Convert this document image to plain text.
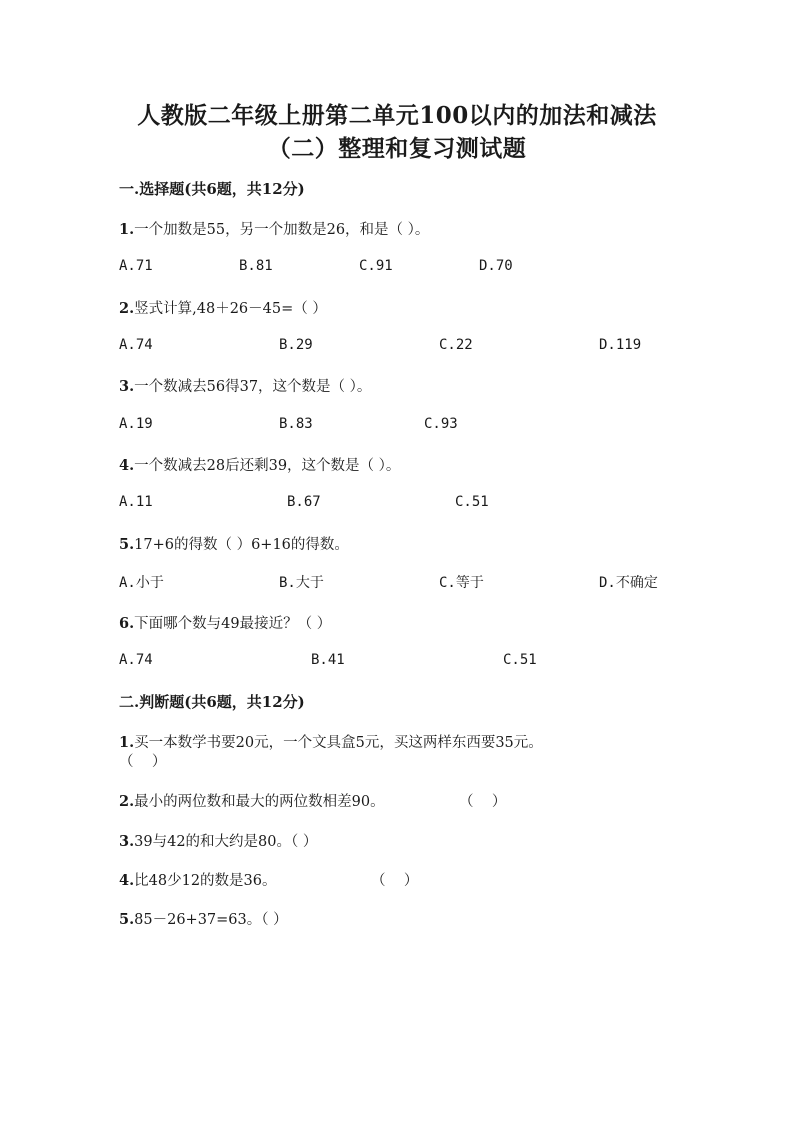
人教版二年级上册第二单元100以内的加法和减法
（二）整理和复习测试题
一.选择题(共6题，共12分)
1.一个加数是55，另一个加数是26，和是（ ）。
A.71	B.81	C.91	D.70
2.竖式计算,48＋26－45=（ ）
A.74	B.29	C.22	D.119
3.一个数减去56得37，这个数是（ ）。
A.19	B.83	C.93
4.一个数减去28后还剩39，这个数是（ ）。
A.11	B.67	C.51
5.17+6的得数（ ）6+16的得数。
A.小于	B.大于	C.等于	D.不确定
6.下面哪个数与49最接近？（ ）
A.74	B.41	C.51
二.判断题(共6题，共12分)
1.买一本数学书要20元，一个文具盒5元，买这两样东西要35元。
（    ）
2.最小的两位数和最大的两位数相差90。	（    ）
3.39与42的和大约是80。（ ）
4.比48少12的数是36。	（    ）
5.85－26+37=63。（ ）
